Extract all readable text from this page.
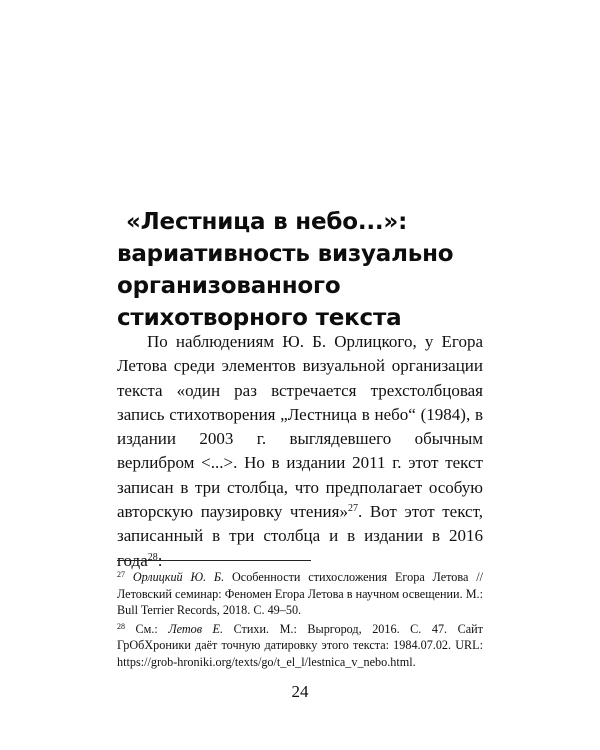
«Лестница в небо...»:
вариативность визуально
организованного
стихотворного текста

По наблюдениям Ю. Б. Орлицкого, у Егора Летова среди элементов визуальной организации текста «один раз встречается трехстолбцовая запись стихотворения „Лестница в небо“ (1984), в издании 2003 г. выглядевшего обычным верлибром <...>. Но в издании 2011 г. этот текст записан в три столбца, что предполагает особую авторскую паузировку чтения»$^{27}$. Вот этот текст, записанный в три столбца и в издании в 2016 года$^{28}$:

$^{27}$ Орлицкий Ю. Б. Особенности стихосложения Егора Летова // Летовский семинар: Феномен Егора Летова в научном освещении. М.: Bull Terrier Records, 2018. С. 49–50.

$^{28}$ См.: Летов Е. Стихи. М.: Выргород, 2016. С. 47. Сайт ГрОбХроники даёт точную датировку этого текста: 1984.07.02. URL: https://grob-hroniki.org/texts/go/t_el_l/lestnica_v_nebo.html.

24
